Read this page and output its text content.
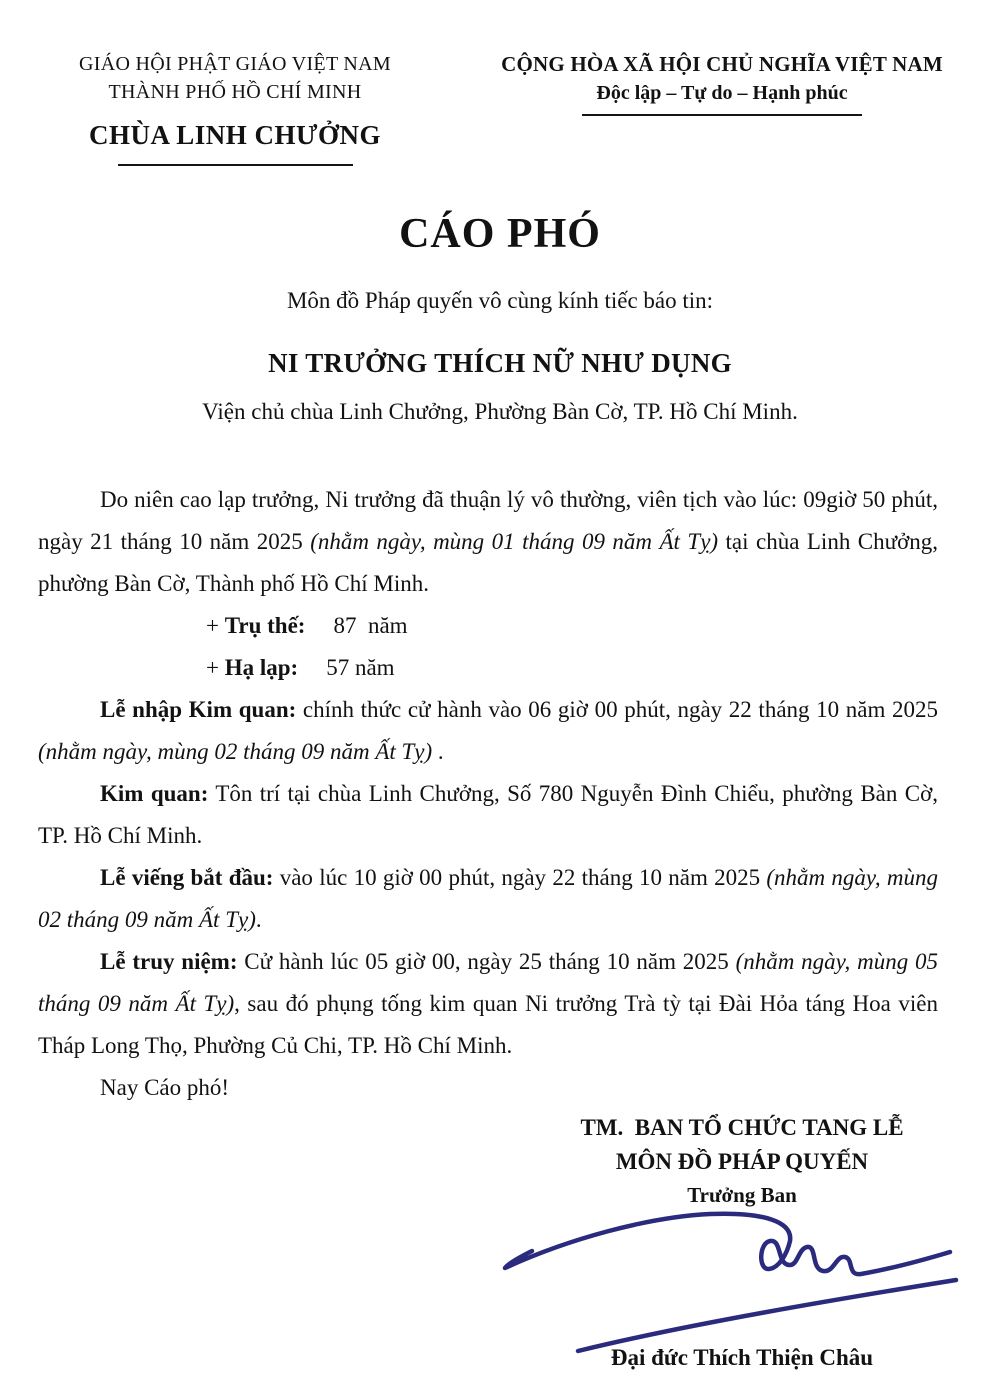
GIÁO HỘI PHẬT GIÁO VIỆT NAM
THÀNH PHỐ HỒ CHÍ MINH
CHÙA LINH CHƯỞNG
CỘNG HÒA XÃ HỘI CHỦ NGHĨA VIỆT NAM
Độc lập – Tự do – Hạnh phúc
CÁO PHÓ

Môn đồ Pháp quyến vô cùng kính tiếc báo tin:

NI TRƯỞNG THÍCH NỮ NHƯ DỤNG

Viện chủ chùa Linh Chưởng, Phường Bàn Cờ, TP. Hồ Chí Minh.

Do niên cao lạp trưởng, Ni trưởng đã thuận lý vô thường, viên tịch vào lúc: 09giờ 50 phút, ngày 21 tháng 10 năm 2025 (nhằm ngày, mùng 01 tháng 09 năm Ất Tỵ) tại chùa Linh Chưởng,  phường Bàn Cờ, Thành phố Hồ Chí Minh.

+ Trụ thế: 87  năm
+ Hạ lạp: 57 năm

Lễ nhập Kim quan: chính thức cử hành vào 06 giờ 00 phút, ngày 22 tháng 10 năm 2025 (nhằm ngày, mùng 02 tháng 09 năm Ất Tỵ) .

Kim quan: Tôn trí tại chùa Linh Chưởng, Số 780 Nguyễn Đình Chiểu, phường Bàn Cờ, TP. Hồ Chí Minh.

Lễ viếng bắt đầu: vào lúc 10 giờ 00 phút, ngày 22 tháng 10 năm 2025 (nhằm ngày, mùng 02 tháng 09 năm Ất Tỵ).

Lễ truy niệm: Cử hành lúc 05 giờ 00, ngày 25 tháng 10 năm 2025 (nhằm ngày, mùng 05 tháng 09 năm Ất Tỵ), sau đó phụng tống kim quan Ni trưởng Trà tỳ tại Đài Hỏa táng Hoa viên Tháp Long Thọ, Phường Củ Chi, TP. Hồ Chí Minh.

Nay Cáo phó!

TM.  BAN TỔ CHỨC TANG LỄ
MÔN ĐỒ PHÁP QUYẾN
Trưởng Ban
Đại đức Thích Thiện Châu
